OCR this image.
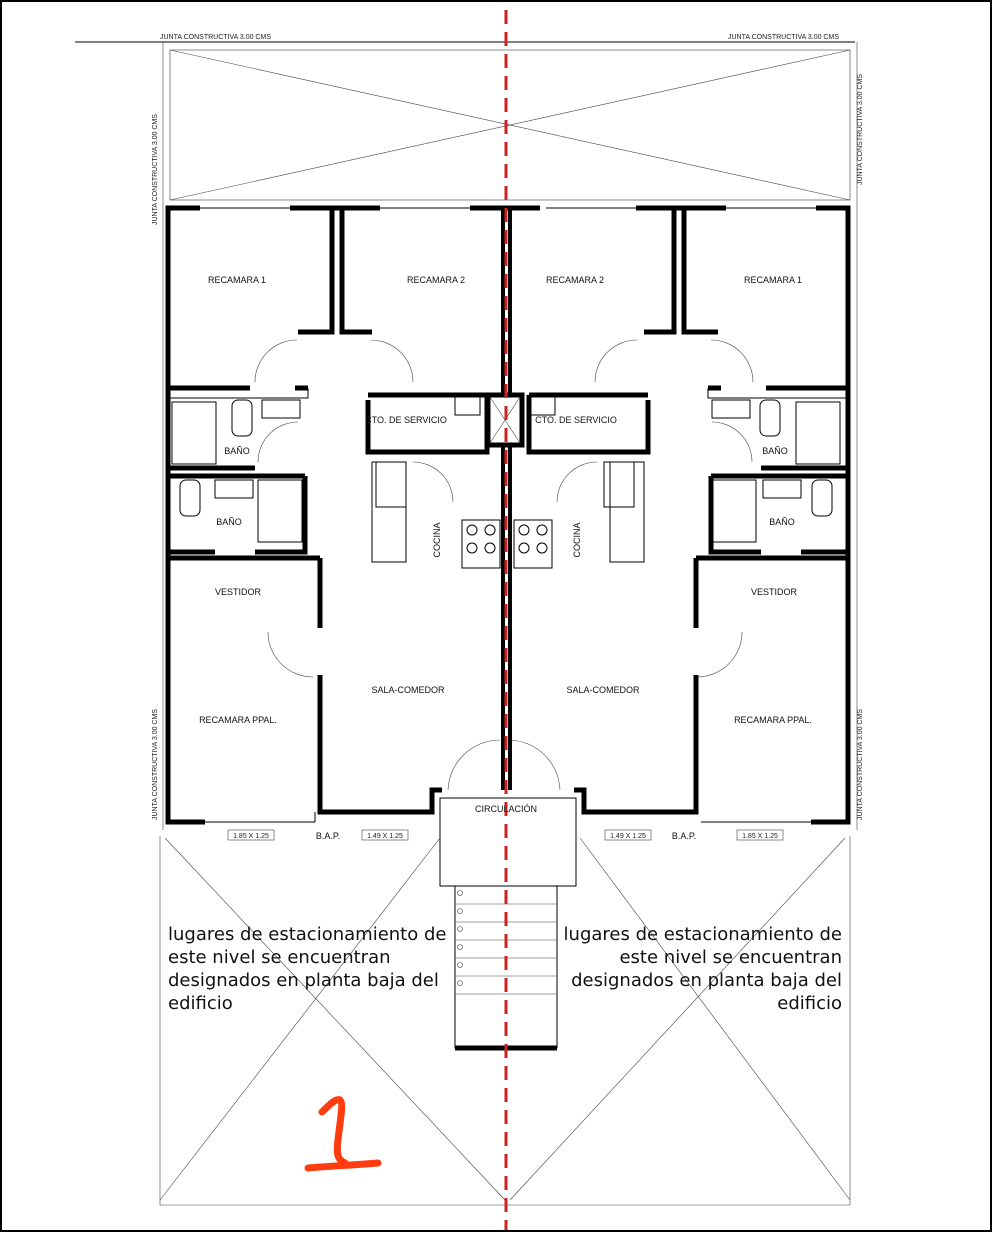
JUNTA CONSTRUCTIVA 3.00 CMS	JUNTA CONSTRUCTIVA 3.00 CMS
JUNTA CONSTRUCTIVA 3.00 CMS	JUNTA CONSTRUCTIVA 3.00 CMS
JUNTA CONSTRUCTIVA 3.00 CMS	JUNTA CONSTRUCTIVA 3.00 CMS
RECAMARA 1	RECAMARA 2
CTO. DE SERVICIO
BAÑO
BAÑO
VESTIDOR
COCINA
SALA-COMEDOR
RECAMARA PPAL.
1.85 X 1.25	1.49 X 1.25
B.A.P.
RECAMARA 1
RECAMARA 2
CTO. DE SERVICIO
BAÑO
BAÑO
VESTIDOR
COCINA
SALA-COMEDOR
RECAMARA PPAL.
1.85 X 1.25
1.49 X 1.25	B.A.P.
CIRCULACIÓN
lugares de estacionamiento de
este nivel se encuentran
designados en planta baja del
edificio
lugares de estacionamiento de
este nivel se encuentran
designados en planta baja del
edificio
